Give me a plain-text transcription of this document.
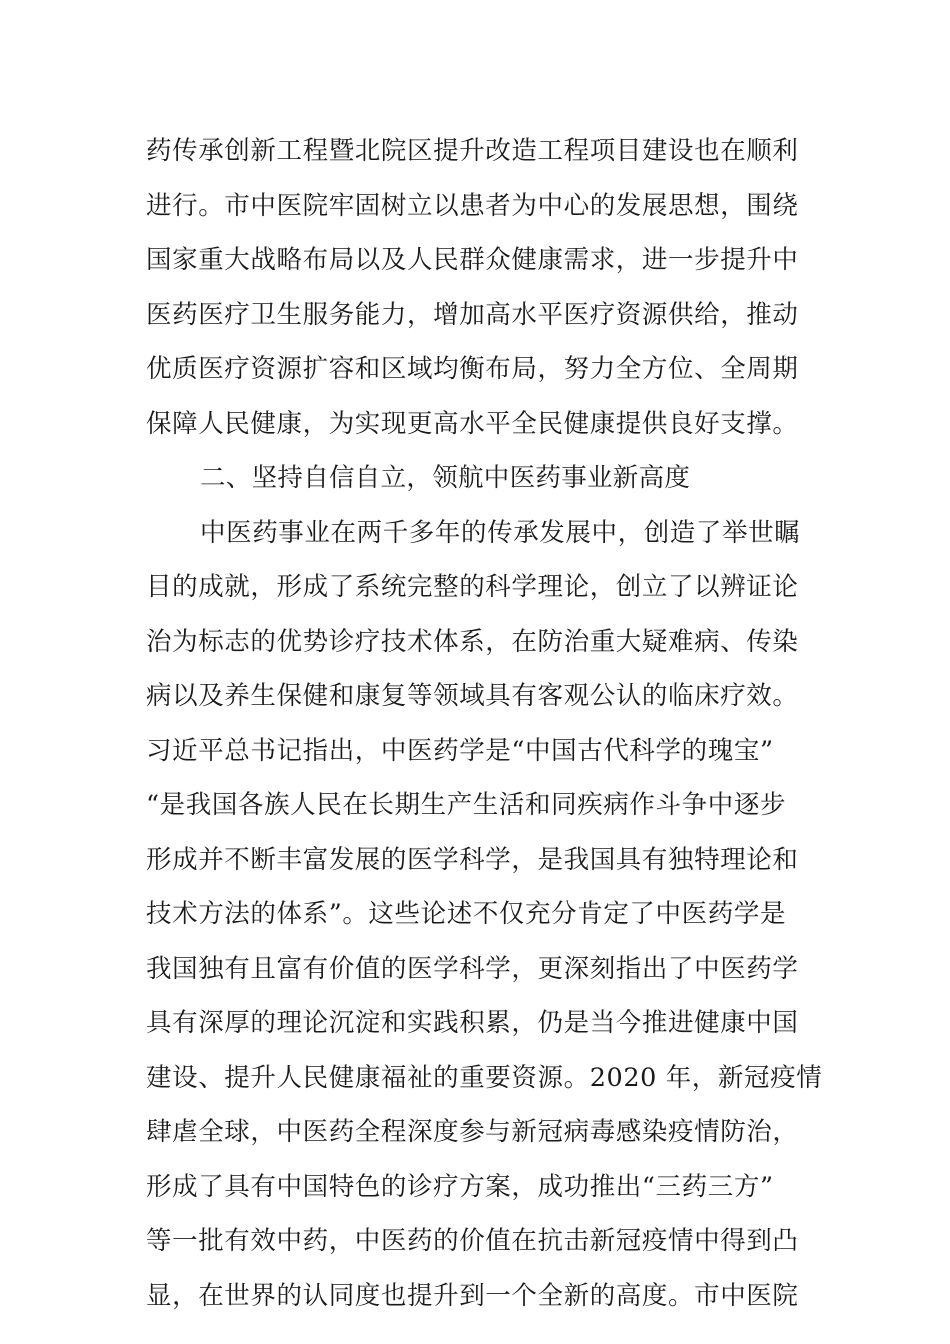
药传承创新工程暨北院区提升改造工程项目建设也在顺利
进行。市中医院牢固树立以患者为中心的发展思想，围绕
国家重大战略布局以及人民群众健康需求，进一步提升中
医药医疗卫生服务能力，增加高水平医疗资源供给，推动
优质医疗资源扩容和区域均衡布局，努力全方位、全周期
保障人民健康，为实现更高水平全民健康提供良好支撑。
二、坚持自信自立，领航中医药事业新高度
中医药事业在两千多年的传承发展中，创造了举世瞩
目的成就，形成了系统完整的科学理论，创立了以辨证论
治为标志的优势诊疗技术体系，在防治重大疑难病、传染
病以及养生保健和康复等领域具有客观公认的临床疗效。
习近平总书记指出，中医药学是“中国古代科学的瑰宝”
“是我国各族人民在长期生产生活和同疾病作斗争中逐步
形成并不断丰富发展的医学科学，是我国具有独特理论和
技术方法的体系”。这些论述不仅充分肯定了中医药学是
我国独有且富有价值的医学科学，更深刻指出了中医药学
具有深厚的理论沉淀和实践积累，仍是当今推进健康中国
建设、提升人民健康福祉的重要资源。2020 年，新冠疫情
肆虐全球，中医药全程深度参与新冠病毒感染疫情防治，
形成了具有中国特色的诊疗方案，成功推出“三药三方”
等一批有效中药，中医药的价值在抗击新冠疫情中得到凸
显，在世界的认同度也提升到一个全新的高度。市中医院
